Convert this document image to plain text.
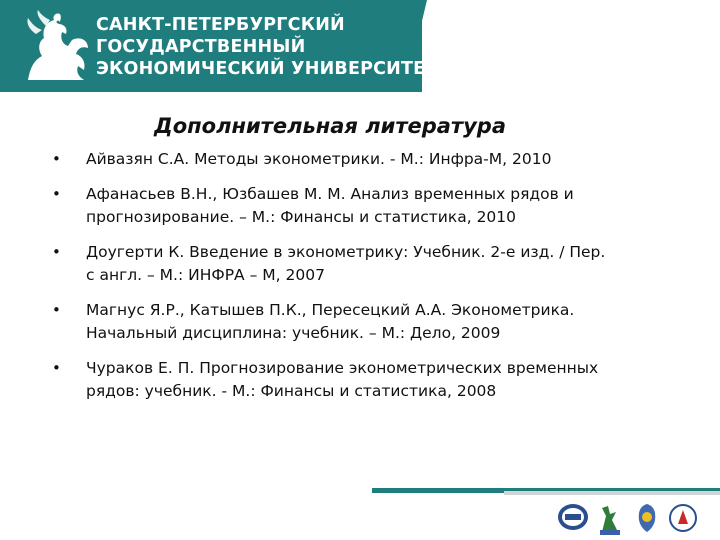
САНКТ-ПЕТЕРБУРГСКИЙ
ГОСУДАРСТВЕННЫЙ
ЭКОНОМИЧЕСКИЙ УНИВЕРСИТЕТ
Дополнительная литература
• Айвазян С.А. Методы эконометрики. - М.: Инфра-М, 2010
• Афанасьев В.Н., Юзбашев М. М. Анализ временных рядов и
прогнозирование. – М.: Финансы и статистика, 2010
• Доугерти К. Введение в эконометрику: Учебник. 2-е изд. / Пер.
с англ. – М.: ИНФРА – М, 2007
• Магнус Я.Р., Катышев П.К., Пересецкий А.А. Эконометрика.
Начальный дисциплина: учебник. – М.: Дело, 2009
• Чураков Е. П. Прогнозирование эконометрических временных
рядов: учебник. - М.: Финансы и статистика, 2008
